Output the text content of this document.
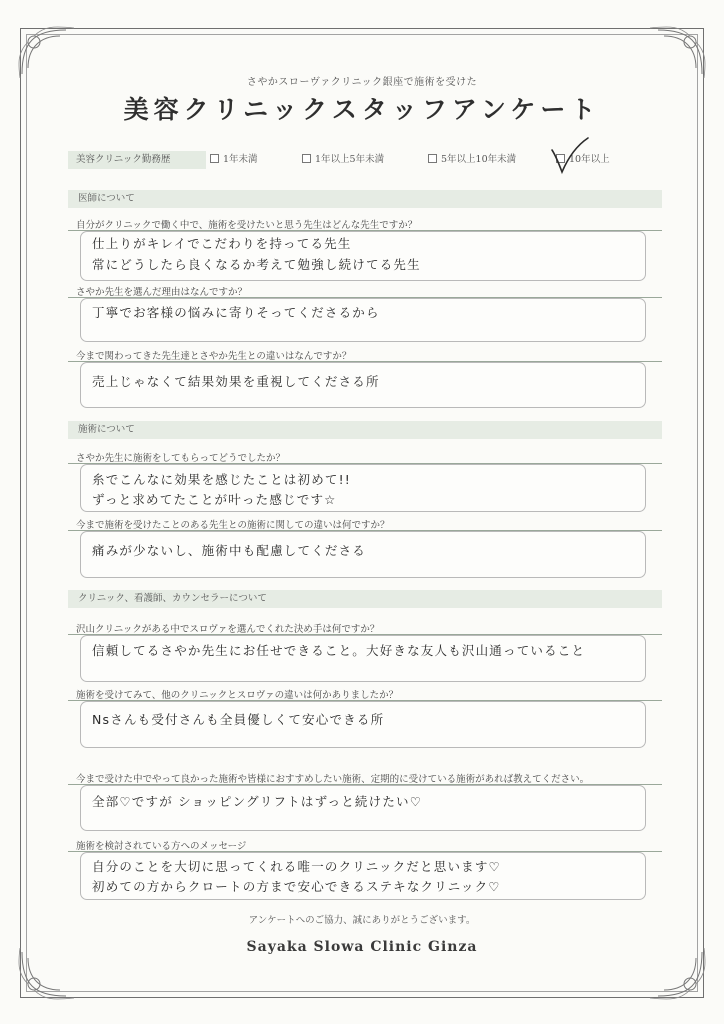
さやかスローヴァクリニック銀座で施術を受けた
美容クリニックスタッフアンケート
美容クリニック勤務歴	1年未満	1年以上5年未満	5年以上10年未満	10年以上
医師について
自分がクリニックで働く中で、施術を受けたいと思う先生はどんな先生ですか？
仕上りがキレイでこだわりを持ってる先生
常にどうしたら良くなるか考えて勉強し続けてる先生
さやか先生を選んだ理由はなんですか？
丁寧でお客様の悩みに寄りそってくださるから
今まで関わってきた先生達とさやか先生との違いはなんですか？
売上じゃなくて結果効果を重視してくださる所
施術について
さやか先生に施術をしてもらってどうでしたか？
糸でこんなに効果を感じたことは初めて!!
ずっと求めてたことが叶った感じです☆
今まで施術を受けたことのある先生との施術に関しての違いは何ですか？
痛みが少ないし、施術中も配慮してくださる
クリニック、看護師、カウンセラーについて
沢山クリニックがある中でスロヴァを選んでくれた決め手は何ですか？
信頼してるさやか先生にお任せできること。大好きな友人も沢山通っていること
施術を受けてみて、他のクリニックとスロヴァの違いは何かありましたか？
Nsさんも受付さんも全員優しくて安心できる所
今まで受けた中でやって良かった施術や皆様におすすめしたい施術、定期的に受けている施術があれば教えてください。
全部♡ですが ショッピングリフトはずっと続けたい♡
施術を検討されている方へのメッセージ
自分のことを大切に思ってくれる唯一のクリニックだと思います♡
初めての方からクロートの方まで安心できるステキなクリニック♡
アンケートへのご協力、誠にありがとうございます。
Sayaka Slowa Clinic Ginza
